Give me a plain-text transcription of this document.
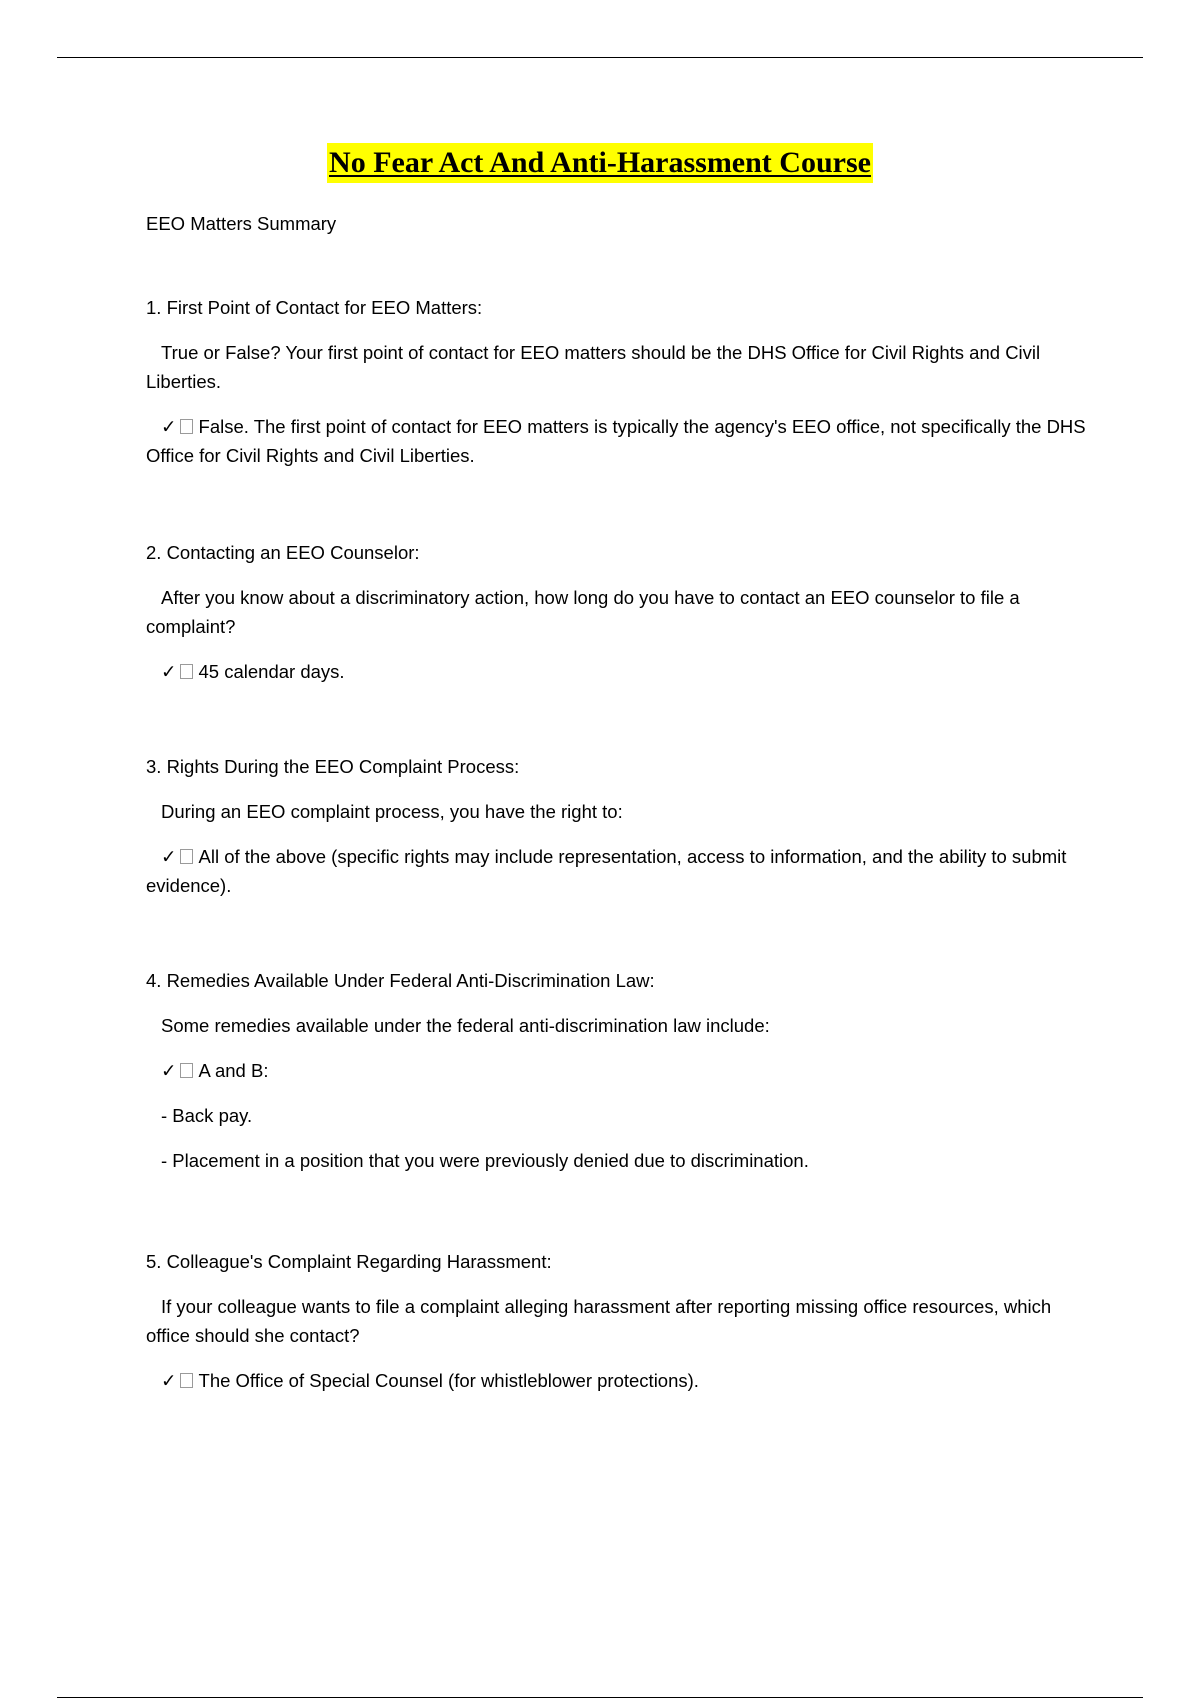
No Fear Act And Anti-Harassment Course
EEO Matters Summary
1. First Point of Contact for EEO Matters:
True or False? Your first point of contact for EEO matters should be the DHS Office for Civil Rights and Civil Liberties.
✓ False. The first point of contact for EEO matters is typically the agency's EEO office, not specifically the DHS Office for Civil Rights and Civil Liberties.
2. Contacting an EEO Counselor:
After you know about a discriminatory action, how long do you have to contact an EEO counselor to file a complaint?
✓ 45 calendar days.
3. Rights During the EEO Complaint Process:
During an EEO complaint process, you have the right to:
✓ All of the above (specific rights may include representation, access to information, and the ability to submit evidence).
4. Remedies Available Under Federal Anti-Discrimination Law:
Some remedies available under the federal anti-discrimination law include:
✓ A and B:
- Back pay.
- Placement in a position that you were previously denied due to discrimination.
5. Colleague's Complaint Regarding Harassment:
If your colleague wants to file a complaint alleging harassment after reporting missing office resources, which office should she contact?
✓ The Office of Special Counsel (for whistleblower protections).
